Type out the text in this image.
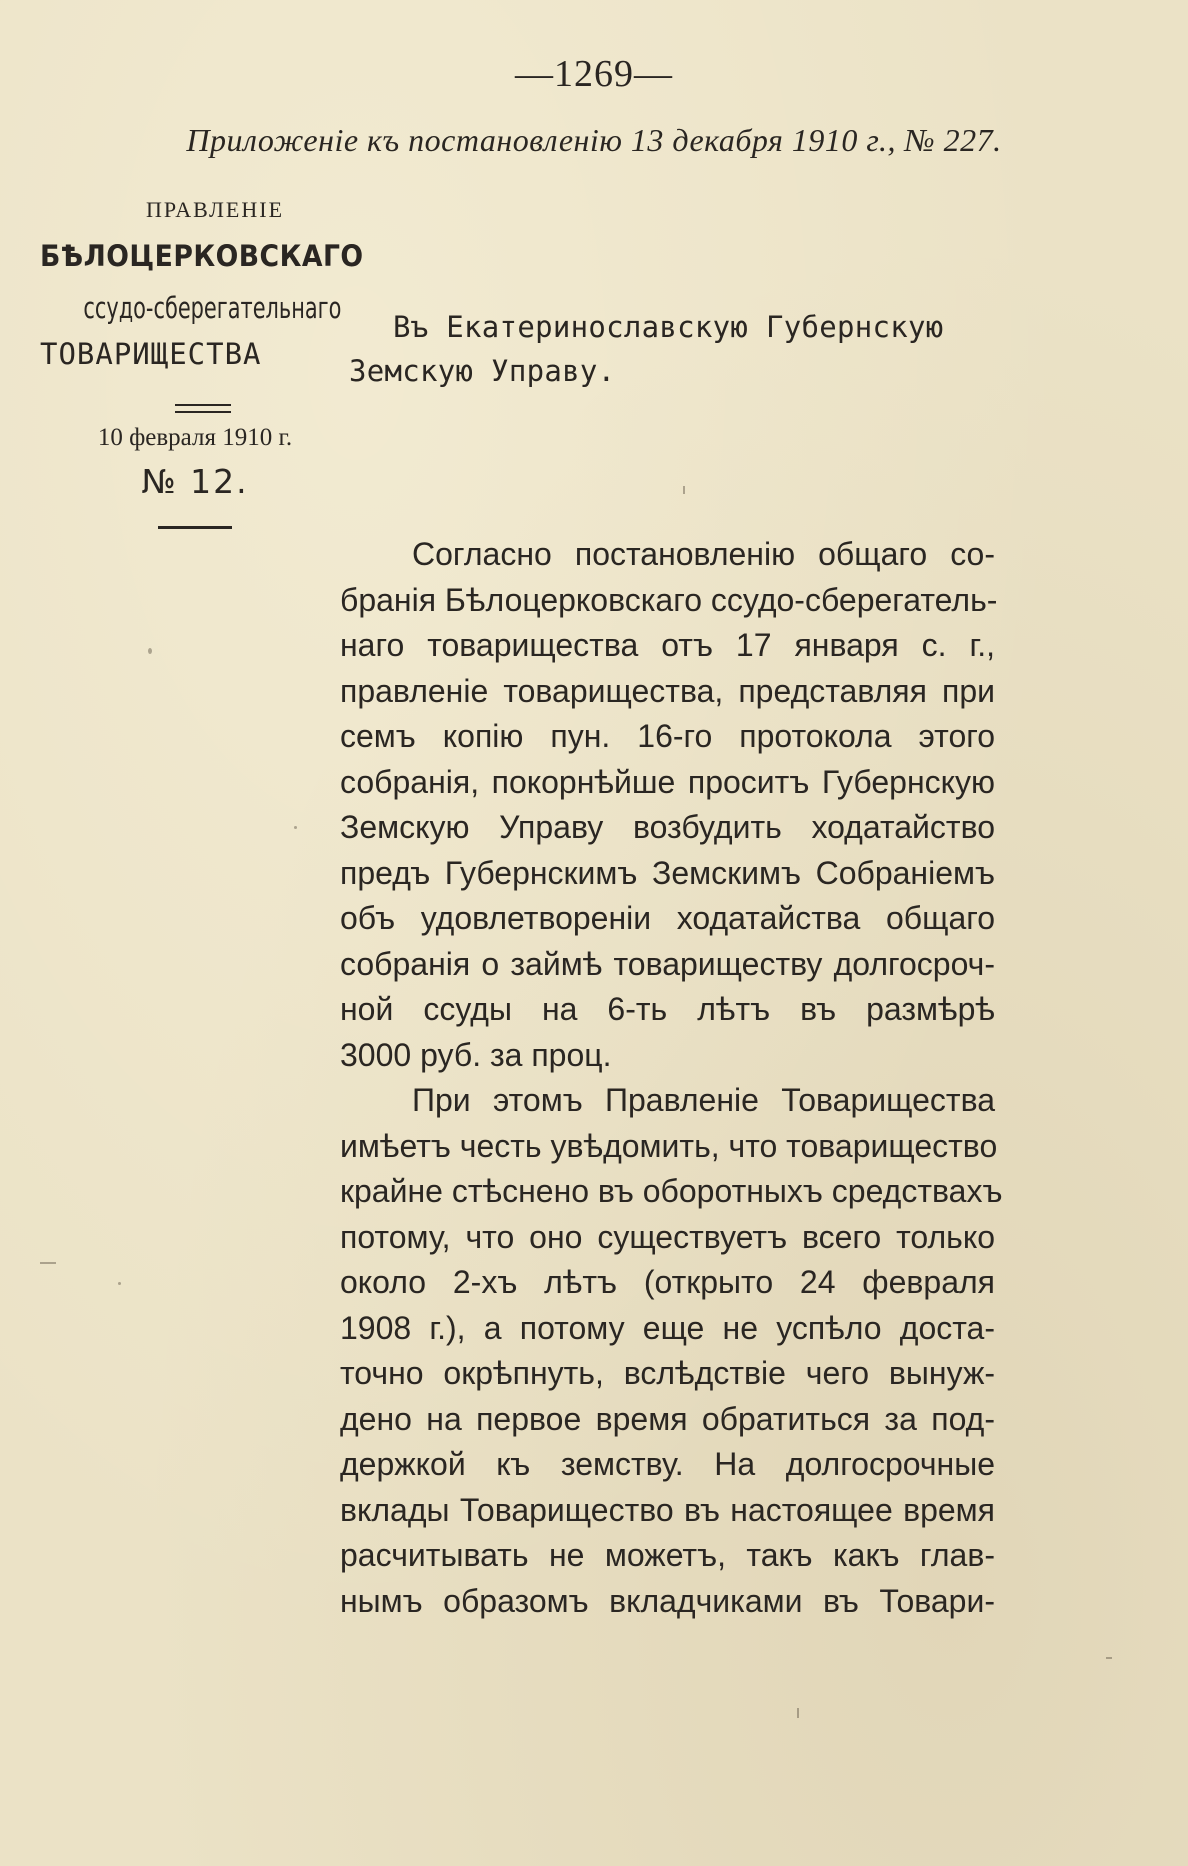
—1269—
Приложеніе къ постановленію 13 декабря 1910 г., № 227.
ПРАВЛЕНІЕ
БѢЛОЦЕРКОВСКАГО
ссудо-сберегательнаго
ТОВАРИЩЕСТВА	Земскую Управу.
Въ Екатеринославскую Губернскую
10 февраля 1910 г.
№ 12.
Согласно постановленію общаго со-
бранія Бѣлоцерковскаго ссудо-сберегатель-
наго товарищества отъ 17 января с. г.,
правленіе товарищества, представляя при
семъ копію пун. 16-го протокола этого
собранія, покорнѣйше проситъ Губернскую
Земскую Управу возбудить ходатайство
предъ Губернскимъ Земскимъ Собраніемъ
объ удовлетвореніи ходатайства общаго
собранія о займѣ товариществу долгосроч-
ной ссуды на 6-ть лѣтъ въ размѣрѣ
3000 руб. за проц.
При этомъ Правленіе Товарищества
имѣетъ честь увѣдомить, что товарищество
крайне стѣснено въ оборотныхъ средствахъ
потому, что оно существуетъ всего только
около 2-хъ лѣтъ (открыто 24 февраля
1908 г.), а потому еще не успѣло доста-
точно окрѣпнуть, вслѣдствіе чего вынуж-
дено на первое время обратиться за под-
держкой къ земству. На долгосрочные
вклады Товарищество въ настоящее время
расчитывать не можетъ, такъ какъ глав-
нымъ образомъ вкладчиками въ Товари-
